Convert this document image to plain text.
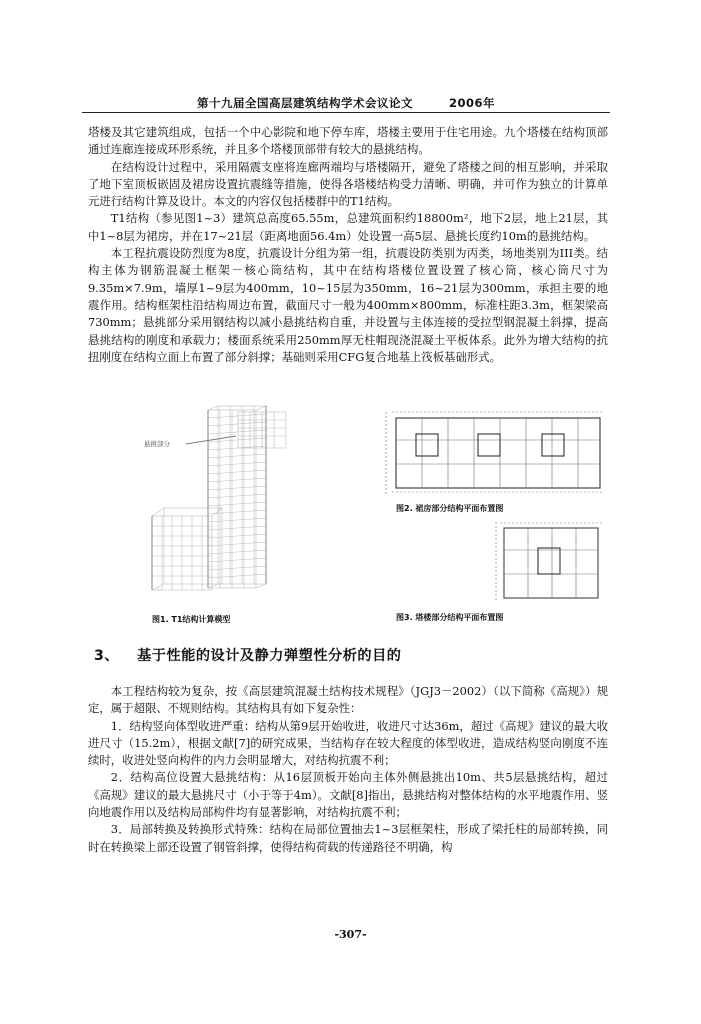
第十九届全国高层建筑结构学术会议论文	2006年

塔楼及其它建筑组成，包括一个中心影院和地下停车库，塔楼主要用于住宅用途。九个塔楼在结构顶部通过连廊连接成环形系统，并且多个塔楼顶部带有较大的悬挑结构。

在结构设计过程中，采用隔震支座将连廊两端均与塔楼隔开，避免了塔楼之间的相互影响，并采取了地下室顶板嵌固及裙房设置抗震缝等措施，使得各塔楼结构受力清晰、明确，并可作为独立的计算单元进行结构计算及设计。本文的内容仅包括楼群中的T1结构。

T1结构（参见图1~3）建筑总高度65.55m，总建筑面积约18800m²，地下2层，地上21层，其中1~8层为裙房，并在17~21层（距离地面56.4m）处设置一高5层、悬挑长度约10m的悬挑结构。

本工程抗震设防烈度为8度，抗震设计分组为第一组，抗震设防类别为丙类，场地类别为III类。结构主体为钢筋混凝土框架－核心筒结构，其中在结构塔楼位置设置了核心筒，核心筒尺寸为9.35m×7.9m，墙厚1~9层为400mm，10~15层为350mm，16~21层为300mm，承担主要的地震作用。结构框架柱沿结构周边布置，截面尺寸一般为400mm×800mm，标准柱距3.3m，框架梁高730mm；悬挑部分采用钢结构以减小悬挑结构自重，并设置与主体连接的受拉型钢混凝土斜撑，提高悬挑结构的刚度和承载力；楼面系统采用250mm厚无柱帽现浇混凝土平板体系。此外为增大结构的抗扭刚度在结构立面上布置了部分斜撑；基础则采用CFG复合地基上筏板基础形式。

悬挑部分
图1. T1结构计算模型
图2. 裙房部分结构平面布置图
图3. 塔楼部分结构平面布置图
3、 基于性能的设计及静力弹塑性分析的目的

本工程结构较为复杂，按《高层建筑混凝土结构技术规程》（JGJ3－2002）（以下简称《高规》）规定，属于超限、不规则结构。其结构具有如下复杂性：

1．结构竖向体型收进严重：结构从第9层开始收进，收进尺寸达36m，超过《高规》建议的最大收进尺寸（15.2m），根据文献[7]的研究成果，当结构存在较大程度的体型收进，造成结构竖向刚度不连续时，收进处竖向构件的内力会明显增大，对结构抗震不利；

2．结构高位设置大悬挑结构：从16层顶板开始向主体外侧悬挑出10m、共5层悬挑结构，超过《高规》建议的最大悬挑尺寸（小于等于4m）。文献[8]指出，悬挑结构对整体结构的水平地震作用、竖向地震作用以及结构局部构件均有显著影响，对结构抗震不利；

3．局部转换及转换形式特殊：结构在局部位置抽去1~3层框架柱，形成了梁托柱的局部转换，同时在转换梁上部还设置了钢管斜撑，使得结构荷载的传递路径不明确，构

-307-
